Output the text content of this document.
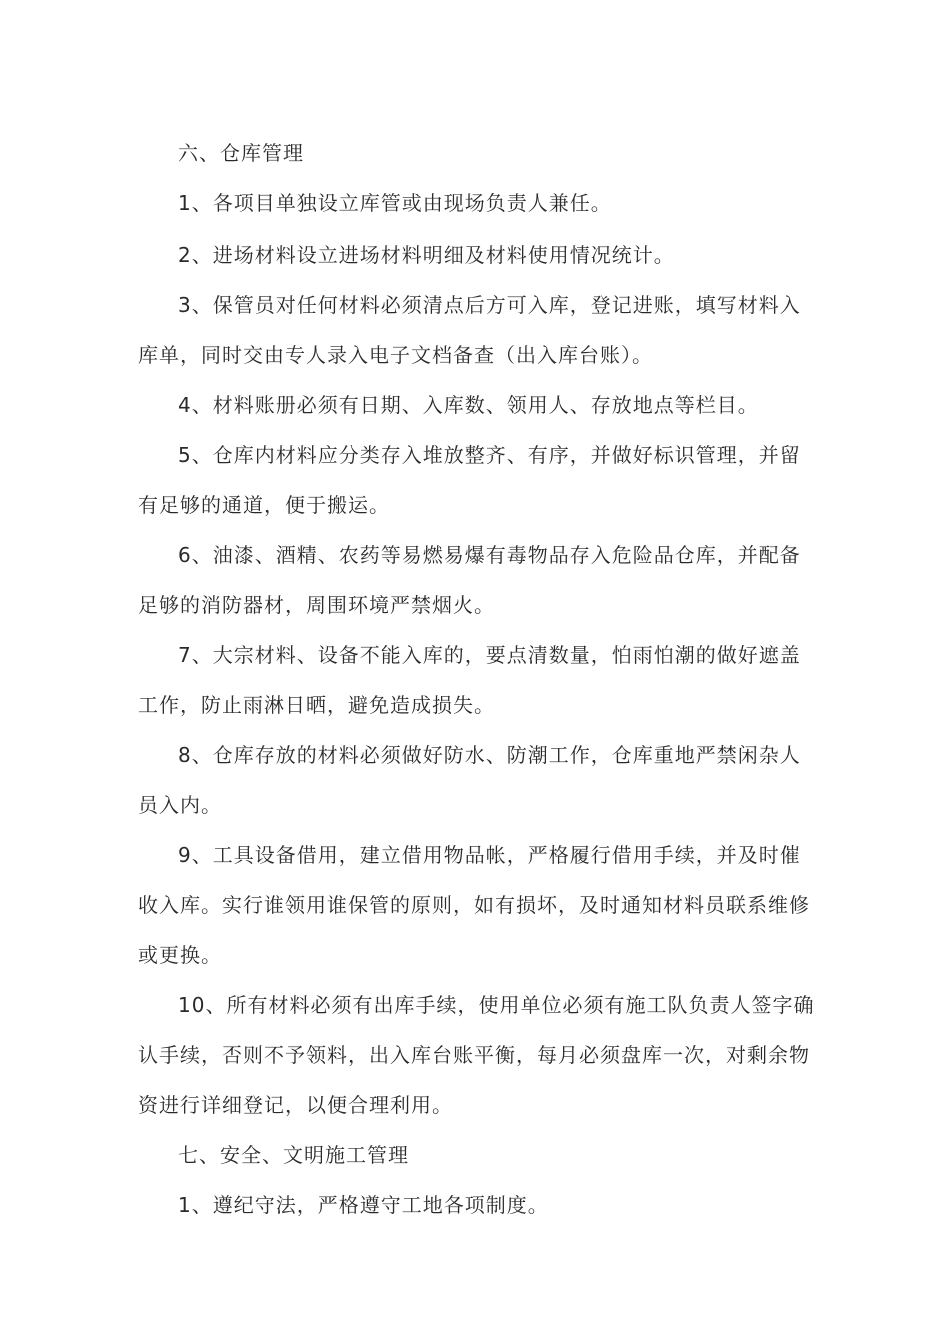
六、仓库管理

1、各项目单独设立库管或由现场负责人兼任。

2、进场材料设立进场材料明细及材料使用情况统计。

3、保管员对任何材料必须清点后方可入库，登记进账，填写材料入库单，同时交由专人录入电子文档备查（出入库台账）。

4、材料账册必须有日期、入库数、领用人、存放地点等栏目。

5、仓库内材料应分类存入堆放整齐、有序，并做好标识管理，并留有足够的通道，便于搬运。

6、油漆、酒精、农药等易燃易爆有毒物品存入危险品仓库，并配备足够的消防器材，周围环境严禁烟火。

7、大宗材料、设备不能入库的，要点清数量，怕雨怕潮的做好遮盖工作，防止雨淋日晒，避免造成损失。

8、仓库存放的材料必须做好防水、防潮工作，仓库重地严禁闲杂人员入内。

9、工具设备借用，建立借用物品帐，严格履行借用手续，并及时催收入库。实行谁领用谁保管的原则，如有损坏，及时通知材料员联系维修或更换。

10、所有材料必须有出库手续，使用单位必须有施工队负责人签字确认手续，否则不予领料，出入库台账平衡，每月必须盘库一次，对剩余物资进行详细登记，以便合理利用。

七、安全、文明施工管理

1、遵纪守法，严格遵守工地各项制度。
